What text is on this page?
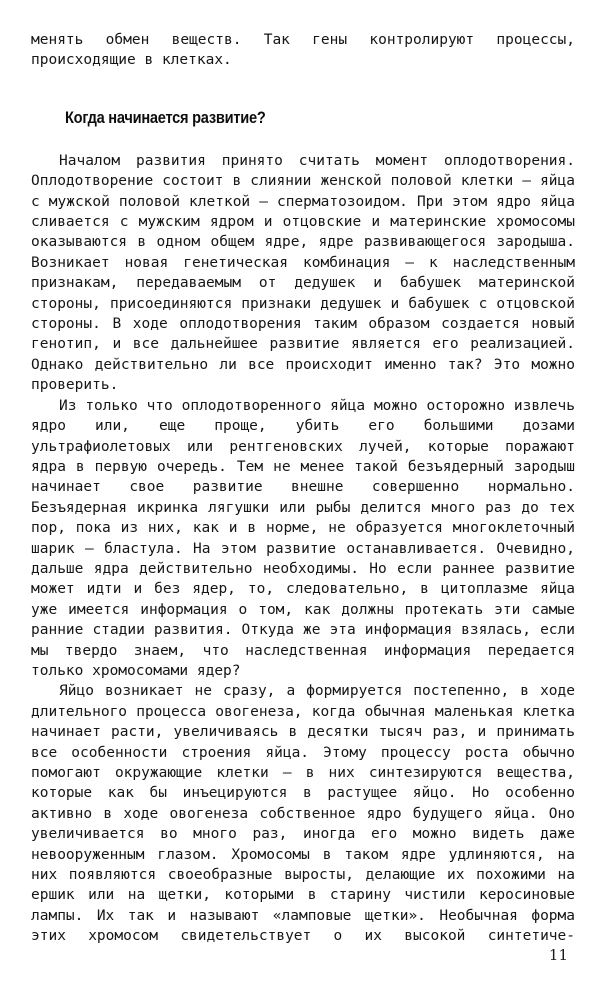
менять обмен веществ. Так гены контролируют процессы,

происходящие в клетках.

Когда начинается развитие?

Началом развития принято считать момент оплодотворения. Оплодотворение состоит в слиянии женской половой клетки — яйца с мужской половой клеткой — сперматозоидом. При этом ядро яйца сливается с мужским ядром и отцовские и материнские хромосомы оказываются в одном общем ядре, ядре развивающегося зародыша. Возникает новая генетическая комбинация — к наследственным признакам, передаваемым от дедушек и бабушек материнской стороны, присоединяются признаки дедушек и бабушек с отцовской стороны. В ходе оплодотворения таким образом создается новый генотип, и все дальнейшее развитие является его реализацией. Однако действительно ли все происходит именно так? Это можно проверить.

Из только что оплодотворенного яйца можно осторожно извлечь ядро или, еще проще, убить его большими дозами ультрафиолетовых или рентгеновских лучей, которые поражают ядра в первую очередь. Тем не менее такой безъядерный зародыш начинает свое развитие внешне совершенно нормально. Безъядерная икринка лягушки или рыбы делится много раз до тех пор, пока из них, как и в норме, не образуется многоклеточный шарик — бластула. На этом развитие останавливается. Очевидно, дальше ядра действительно необходимы. Но если раннее развитие может идти и без ядер, то, следовательно, в цитоплазме яйца уже имеется информация о том, как должны протекать эти самые ранние стадии развития. Откуда же эта информация взялась, если мы твердо знаем, что наследственная информация передается только хромосомами ядер?

Яйцо возникает не сразу, а формируется постепенно, в ходе длительного процесса овогенеза, когда обычная маленькая клетка начинает расти, увеличиваясь в десятки тысяч раз, и принимать все особенности строения яйца. Этому процессу роста обычно помогают окружающие клетки — в них синтезируются вещества, которые как бы инъецируются в растущее яйцо. Но особенно активно в ходе овогенеза собственное ядро будущего яйца. Оно увеличивается во много раз, иногда его можно видеть даже невооруженным глазом. Хромосомы в таком ядре удлиняются, на них появляются своеобразные выросты, делающие их похожими на ершик или на щетки, которыми в старину чистили керосиновые лампы. Их так и называют «ламповые щетки». Необычная форма этих хромосом свидетельствует о их высокой синтетиче-

11
